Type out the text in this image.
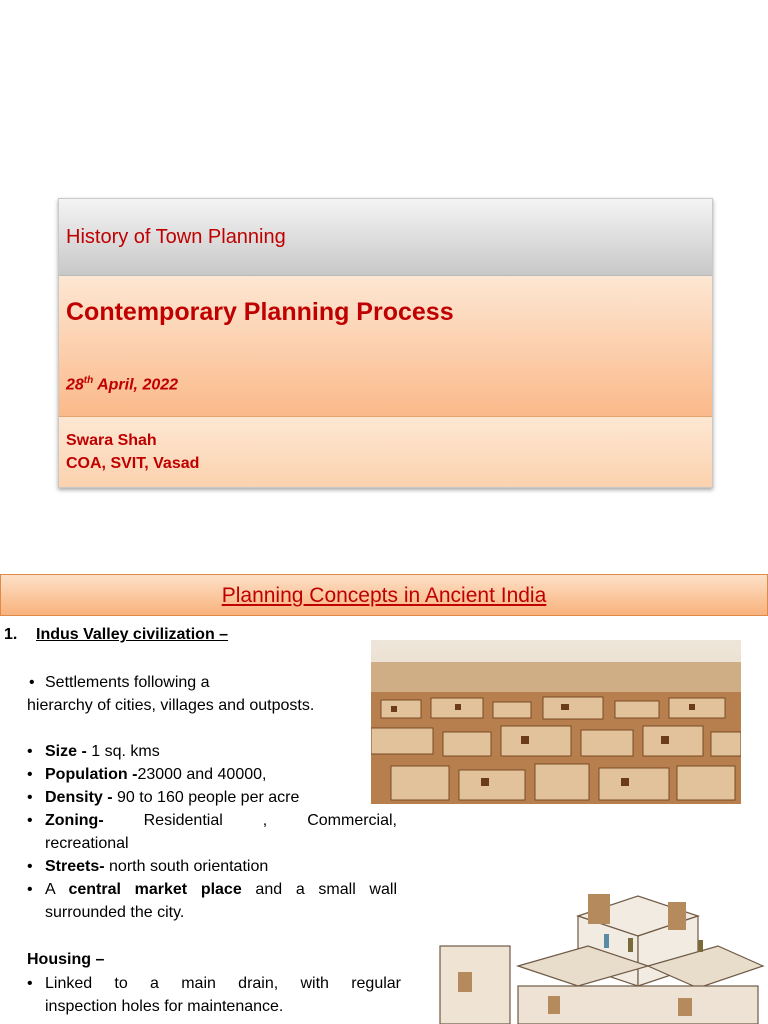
History of Town Planning
Contemporary Planning Process
28th April, 2022
Swara Shah
COA, SVIT, Vasad
Planning Concepts in Ancient India
1. Indus Valley civilization –
• Settlements following a
hierarchy of cities, villages and outposts.
• Size - 1 sq. kms
• Population -23000 and 40000,
• Density - 90 to 160 people per acre
• Zoning- Residential , Commercial,
recreational
• Streets- north south orientation
• A central market place and a small wall
surrounded the city.
Housing –
• Linked to a main drain, with regular
inspection holes for maintenance.
